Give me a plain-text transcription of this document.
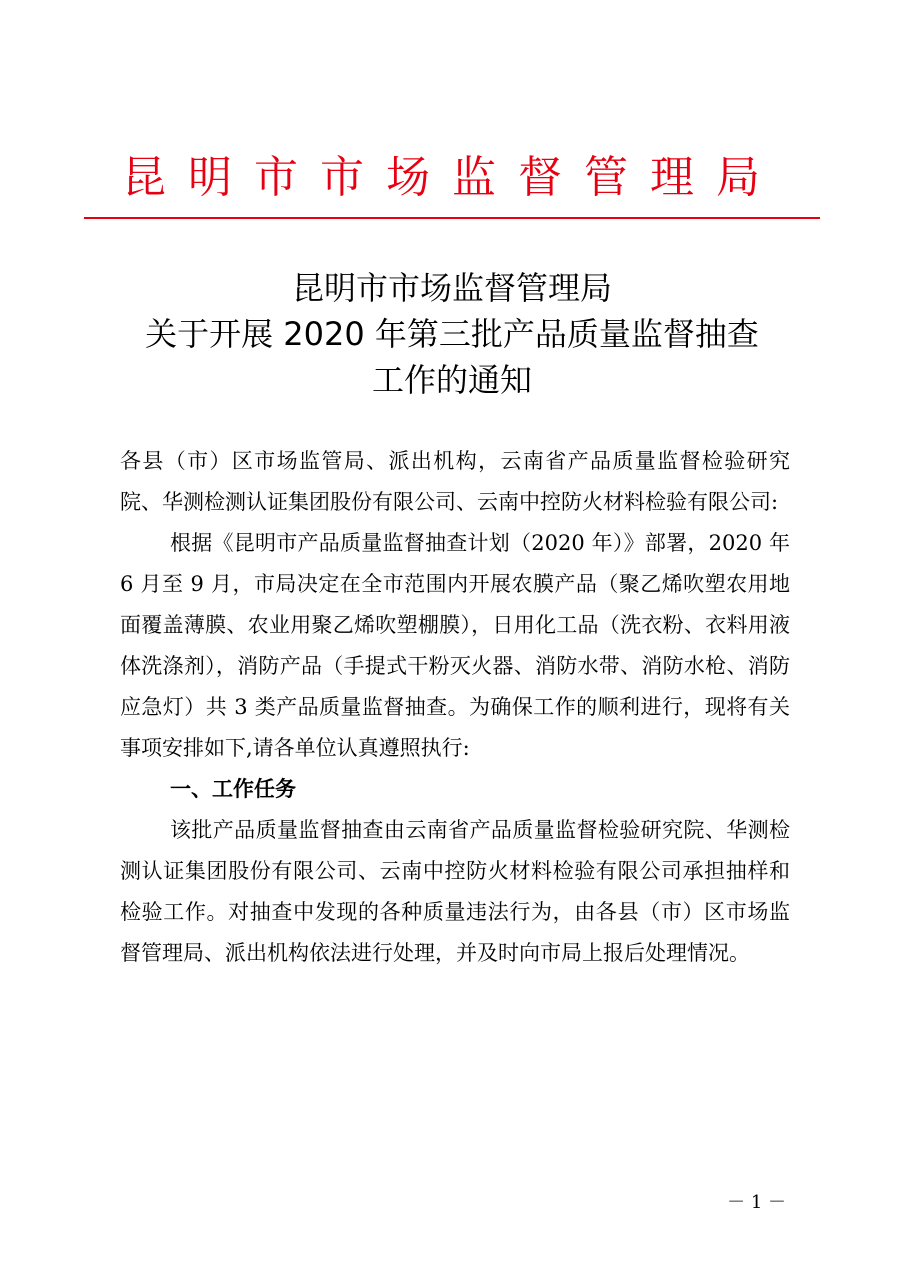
昆明市市场监督管理局
昆明市市场监督管理局
关于开展 2020 年第三批产品质量监督抽查
工作的通知

各县（市）区市场监管局、派出机构，云南省产品质量监督检验研究院、华测检测认证集团股份有限公司、云南中控防火材料检验有限公司:

根据《昆明市产品质量监督抽查计划（2020 年）》部署，2020 年 6 月至 9 月，市局决定在全市范围内开展农膜产品（聚乙烯吹塑农用地面覆盖薄膜、农业用聚乙烯吹塑棚膜），日用化工品（洗衣粉、衣料用液体洗涤剂），消防产品（手提式干粉灭火器、消防水带、消防水枪、消防应急灯）共 3 类产品质量监督抽查。为确保工作的顺利进行，现将有关事项安排如下,请各单位认真遵照执行:

一、工作任务

该批产品质量监督抽查由云南省产品质量监督检验研究院、华测检测认证集团股份有限公司、云南中控防火材料检验有限公司承担抽样和检验工作。对抽查中发现的各种质量违法行为，由各县（市）区市场监督管理局、派出机构依法进行处理，并及时向市局上报后处理情况。

－ 1 －
